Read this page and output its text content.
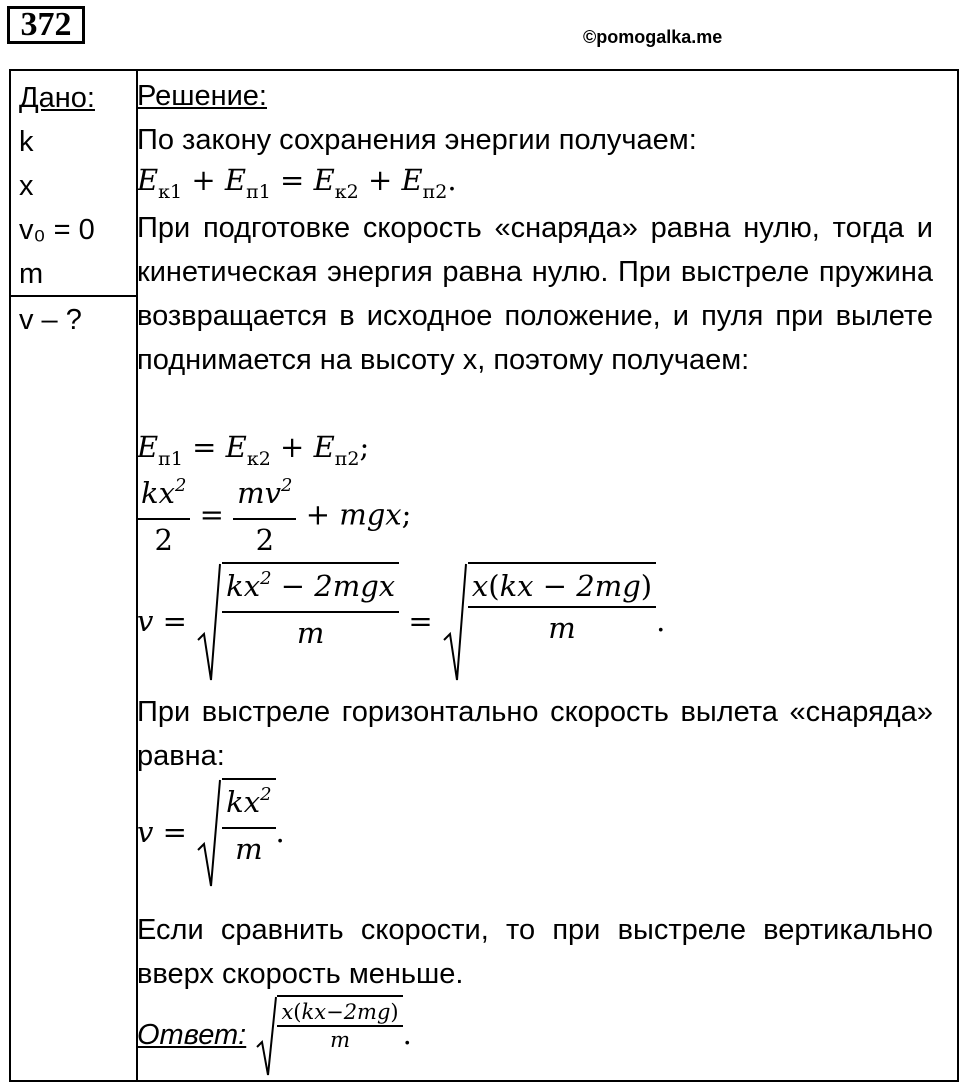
372	©pomogalka.me
Дано:
k
x
v₀ = 0
m
v – ?
Решение:
По закону сохранения энергии получаем:
$E_{к1} + E_{п1} = E_{к2} + E_{п2}$.
При подготовке скорость «снаряда» равна нулю, тогда и кинетическая энергия равна нулю. При выстреле пружина возвращается в исходное положение, и пуля при вылете поднимается на высоту x, поэтому получаем:
$E_{п1} = E_{к2} + E_{п2}$;
$\frac{kx^2}{2} = \frac{mv^2}{2}$ + mgx;
$v = \frac{kx^2 - 2mgx}{m} = \frac{x(kx - 2mg)}{m}$ .
При выстреле горизонтально скорость вылета «снаряда» равна:
$v = \frac{kx^2}{m}$ .
Если сравнить скорости, то при выстреле вертикально вверх скорость меньше.
Ответ: $\frac{x(kx-2mg)}{m}$ .
